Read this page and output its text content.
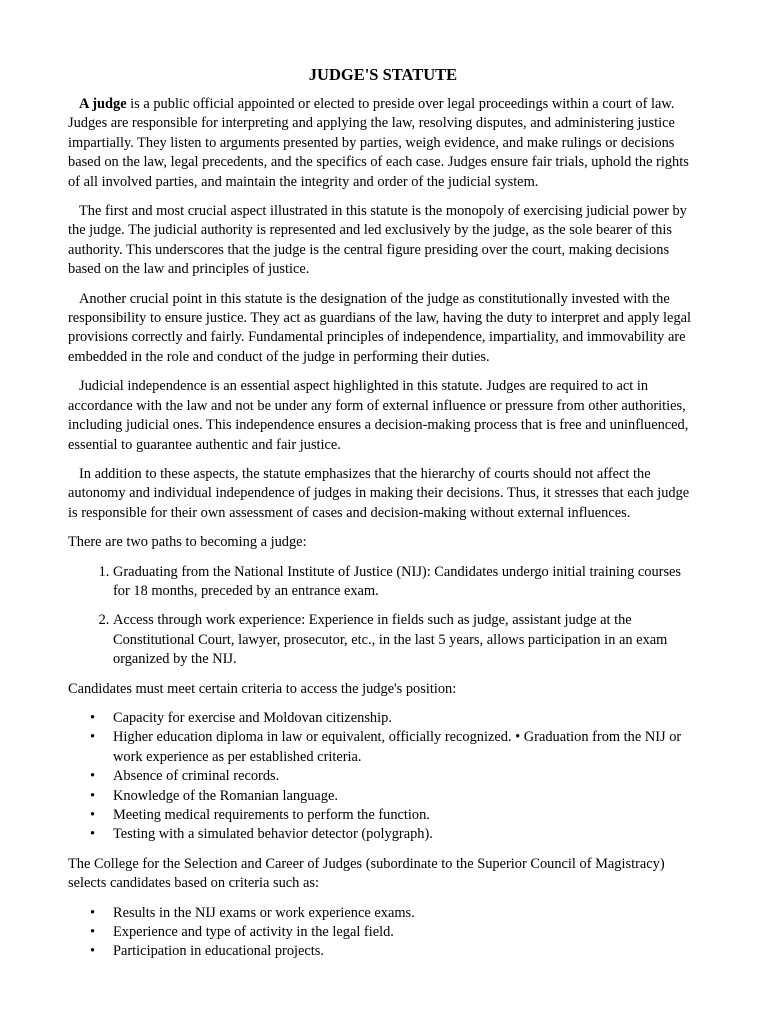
JUDGE'S STATUTE

A judge is a public official appointed or elected to preside over legal proceedings within a court of law. Judges are responsible for interpreting and applying the law, resolving disputes, and administering justice impartially. They listen to arguments presented by parties, weigh evidence, and make rulings or decisions based on the law, legal precedents, and the specifics of each case. Judges ensure fair trials, uphold the rights of all involved parties, and maintain the integrity and order of the judicial system.

The first and most crucial aspect illustrated in this statute is the monopoly of exercising judicial power by the judge. The judicial authority is represented and led exclusively by the judge, as the sole bearer of this authority. This underscores that the judge is the central figure presiding over the court, making decisions based on the law and principles of justice.

Another crucial point in this statute is the designation of the judge as constitutionally invested with the responsibility to ensure justice. They act as guardians of the law, having the duty to interpret and apply legal provisions correctly and fairly. Fundamental principles of independence, impartiality, and immovability are embedded in the role and conduct of the judge in performing their duties.

Judicial independence is an essential aspect highlighted in this statute. Judges are required to act in accordance with the law and not be under any form of external influence or pressure from other authorities, including judicial ones. This independence ensures a decision-making process that is free and uninfluenced, essential to guarantee authentic and fair justice.

In addition to these aspects, the statute emphasizes that the hierarchy of courts should not affect the autonomy and individual independence of judges in making their decisions. Thus, it stresses that each judge is responsible for their own assessment of cases and decision-making without external influences.

There are two paths to becoming a judge:

1. Graduating from the National Institute of Justice (NIJ): Candidates undergo initial training courses for 18 months, preceded by an entrance exam.
2. Access through work experience: Experience in fields such as judge, assistant judge at the Constitutional Court, lawyer, prosecutor, etc., in the last 5 years, allows participation in an exam organized by the NIJ.

Candidates must meet certain criteria to access the judge's position:

• Capacity for exercise and Moldovan citizenship.
• Higher education diploma in law or equivalent, officially recognized. • Graduation from the NIJ or work experience as per established criteria.
• Absence of criminal records.
• Knowledge of the Romanian language.
• Meeting medical requirements to perform the function.
• Testing with a simulated behavior detector (polygraph).

The College for the Selection and Career of Judges (subordinate to the Superior Council of Magistracy) selects candidates based on criteria such as:

• Results in the NIJ exams or work experience exams.
• Experience and type of activity in the legal field.
• Participation in educational projects.
